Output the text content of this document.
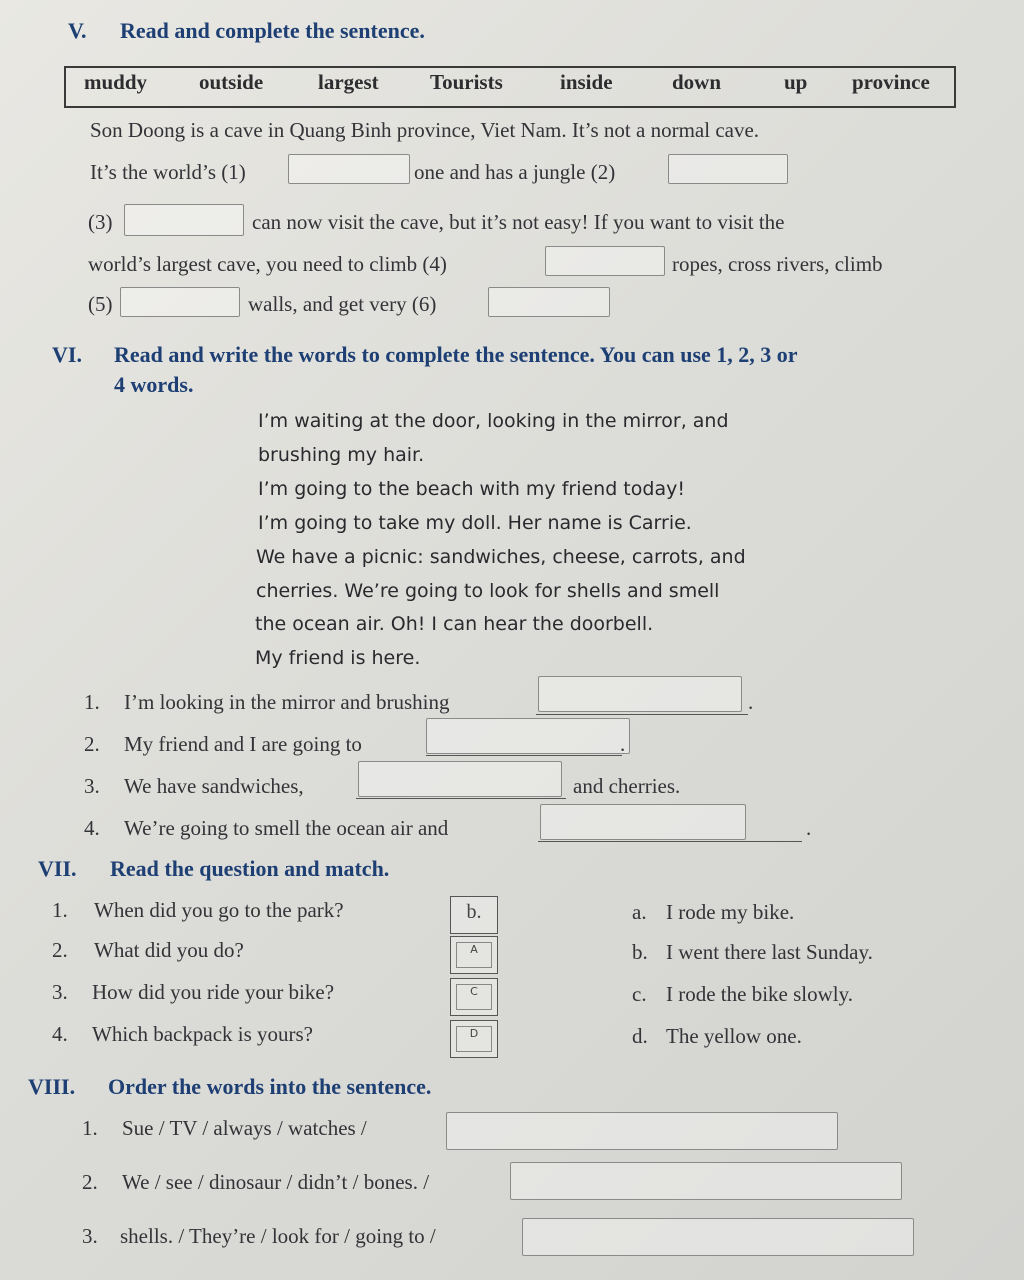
V. Read and complete the sentence.
muddy outside	largest Tourists	inside	down	up province
Son Doong is a cave in Quang Binh province, Viet Nam. It’s not a normal cave.
It’s the world’s (1)	one and has a jungle (2)
(3)	can now visit the cave, but it’s not easy! If you want to visit the
world’s largest cave, you need to climb (4)	ropes, cross rivers, climb
(5)	walls, and get very (6)
VI. Read and write the words to complete the sentence. You can use 1, 2, 3 or
4 words.
I’m waiting at the door, looking in the mirror, and
brushing my hair.
I’m going to the beach with my friend today!
I’m going to take my doll. Her name is Carrie.
We have a picnic: sandwiches, cheese, carrots, and
cherries. We’re going to look for shells and smell
the ocean air. Oh! I can hear the doorbell.
My friend is here.
1. I’m looking in the mirror and brushing	.
2. My friend and I are going to	.
3. We have sandwiches,	and cherries.
4. We’re going to smell the ocean air and	.
VII. Read the question and match.
1. When did you go to the park?	b.
2. What did you do?	A
3. How did you ride your bike?	C
4. Which backpack is yours?	D
a. I rode my bike.
b. I went there last Sunday.
c. I rode the bike slowly.
d. The yellow one.
VIII. Order the words into the sentence.
1. Sue / TV / always / watches /
2. We / see / dinosaur / didn’t / bones. /
3. shells. / They’re / look for / going to /
